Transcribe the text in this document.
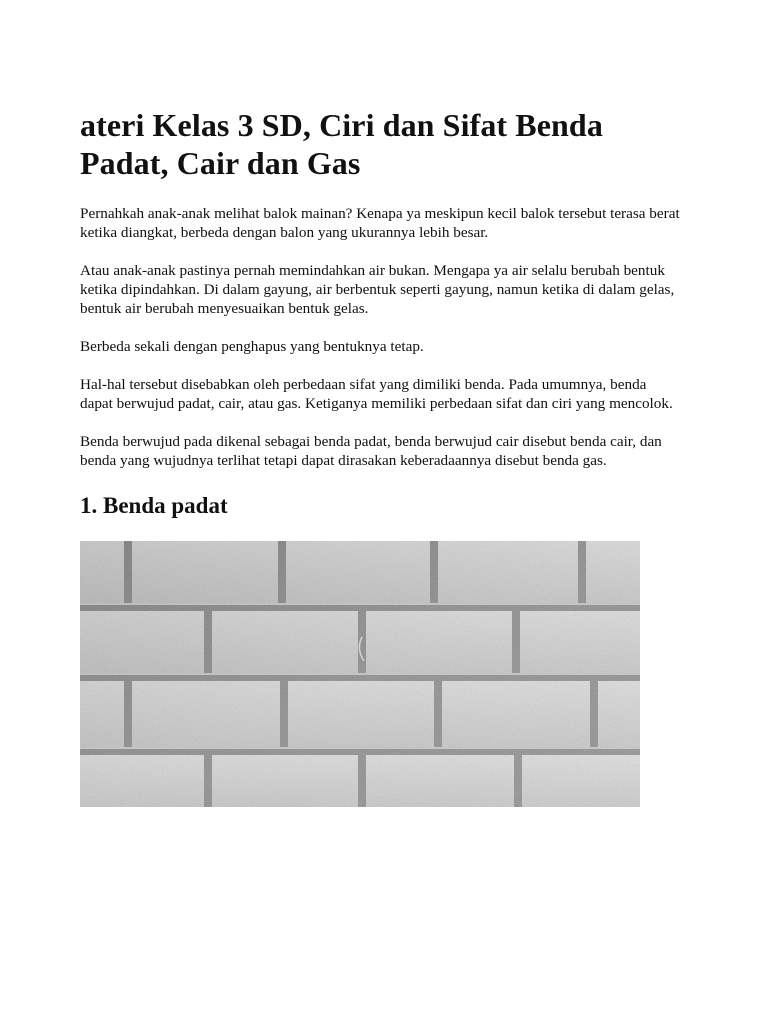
ateri Kelas 3 SD, Ciri dan Sifat Benda Padat, Cair dan Gas

Pernahkah anak-anak melihat balok mainan? Kenapa ya meskipun kecil balok tersebut terasa berat ketika diangkat, berbeda dengan balon yang ukurannya lebih besar.

Atau anak-anak pastinya pernah memindahkan air bukan. Mengapa ya air selalu berubah bentuk ketika dipindahkan. Di dalam gayung, air berbentuk seperti gayung, namun ketika di dalam gelas, bentuk air berubah menyesuaikan bentuk gelas.

Berbeda sekali dengan penghapus yang bentuknya tetap.

Hal-hal tersebut disebabkan oleh perbedaan sifat yang dimiliki benda. Pada umumnya, benda dapat berwujud padat, cair, atau gas. Ketiganya memiliki perbedaan sifat dan ciri yang mencolok.

Benda berwujud pada dikenal sebagai benda padat, benda berwujud cair disebut benda cair, dan benda yang wujudnya terlihat tetapi dapat dirasakan keberadaannya disebut benda gas.

1. Benda padat
